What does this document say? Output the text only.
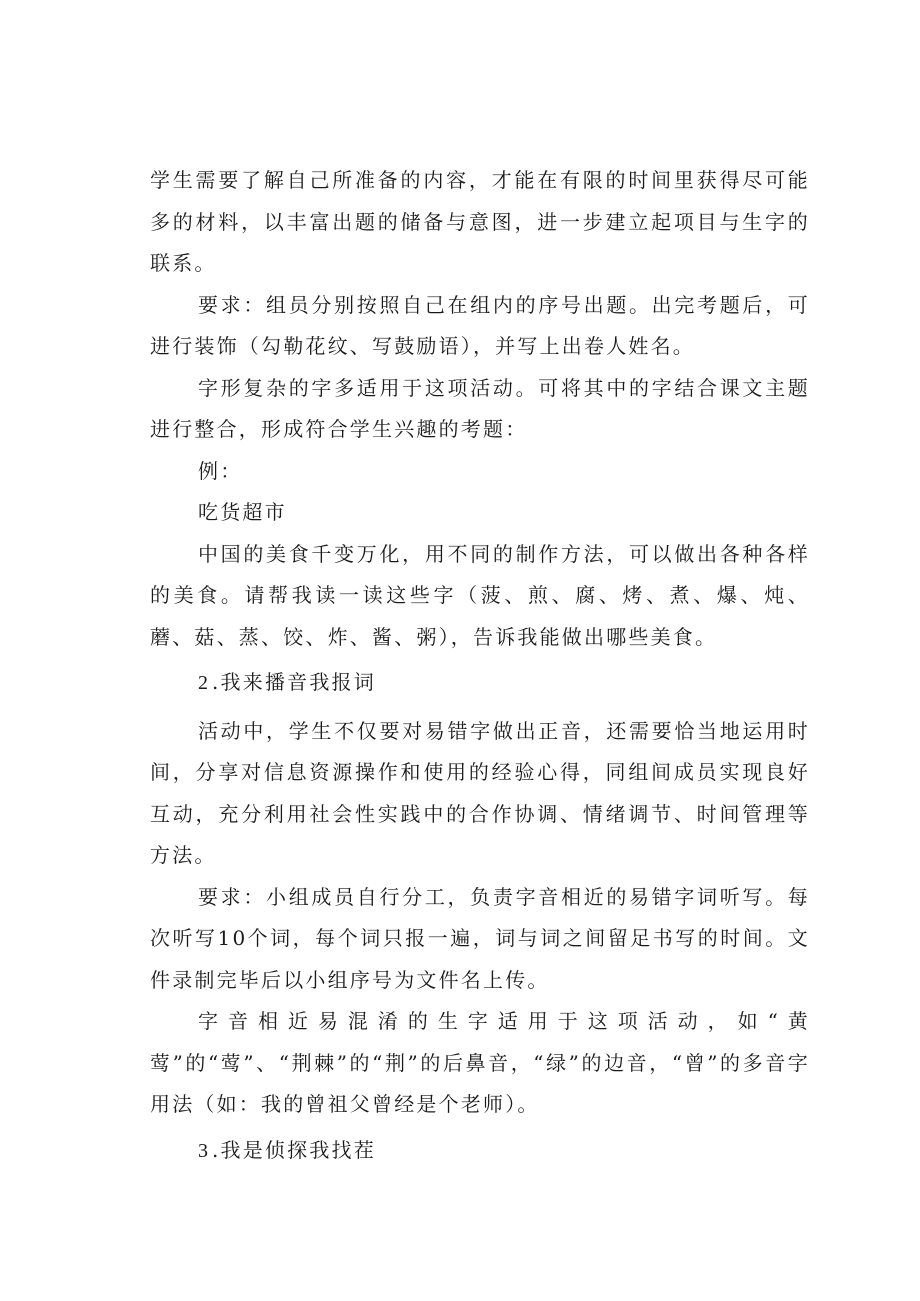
学生需要了解自己所准备的内容，才能在有限的时间里获得尽可能多的材料，以丰富出题的储备与意图，进一步建立起项目与生字的联系。

要求：组员分别按照自己在组内的序号出题。出完考题后，可进行装饰（勾勒花纹、写鼓励语），并写上出卷人姓名。

字形复杂的字多适用于这项活动。可将其中的字结合课文主题进行整合，形成符合学生兴趣的考题：

例：

吃货超市

中国的美食千变万化，用不同的制作方法，可以做出各种各样的美食。请帮我读一读这些字（菠、煎、腐、烤、煮、爆、炖、蘑、菇、蒸、饺、炸、酱、粥），告诉我能做出哪些美食。

2.我来播音我报词

活动中，学生不仅要对易错字做出正音，还需要恰当地运用时间，分享对信息资源操作和使用的经验心得，同组间成员实现良好互动，充分利用社会性实践中的合作协调、情绪调节、时间管理等方法。

要求：小组成员自行分工，负责字音相近的易错字词听写。每次听写10个词，每个词只报一遍，词与词之间留足书写的时间。文件录制完毕后以小组序号为文件名上传。

字音相近易混淆的生字适用于这项活动，如“黄莺”的“莺”、“荆棘”的“荆”的后鼻音，“绿”的边音，“曾”的多音字用法（如：我的曾祖父曾经是个老师）。

3.我是侦探我找茬
